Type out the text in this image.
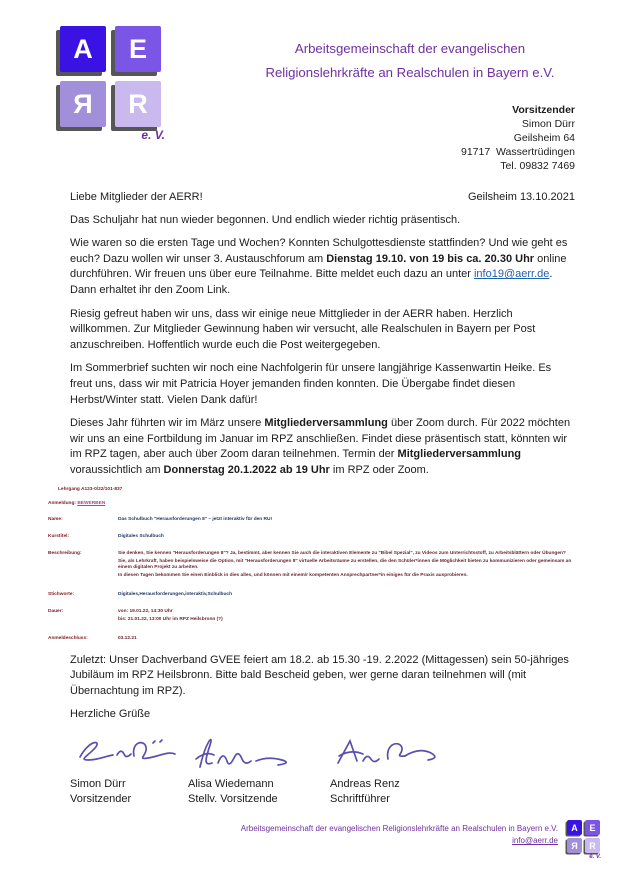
A	E
Я	R
e. V.
Arbeitsgemeinschaft der evangelischen
Religionslehrkräfte an Realschulen in Bayern e.V.
Vorsitzender
Simon Dürr
Geilsheim 64
91717  Wassertrüdingen
Tel. 09832 7469
Liebe Mitglieder der AERR!	Geilsheim 13.10.2021

Das Schuljahr hat nun wieder begonnen. Und endlich wieder richtig präsentisch.

Wie waren so die ersten Tage und Wochen? Konnten Schulgottesdienste stattfinden? Und wie geht es euch? Dazu wollen wir unser 3. Austauschforum am Dienstag 19.10. von 19 bis ca. 20.30 Uhr online durchführen. Wir freuen uns über eure Teilnahme. Bitte meldet euch dazu an unter info19@aerr.de. Dann erhaltet ihr den Zoom Link.

Riesig gefreut haben wir uns, dass wir einige neue Mittglieder in der AERR haben. Herzlich willkommen. Zur Mitglieder Gewinnung haben wir versucht, alle Realschulen in Bayern per Post anzuschreiben. Hoffentlich wurde euch die Post weitergegeben.

Im Sommerbrief suchten wir noch eine Nachfolgerin für unsere langjährige Kassenwartin Heike. Es freut uns, dass wir mit Patricia Hoyer jemanden finden konnten. Die Übergabe findet diesen Herbst/Winter statt. Vielen Dank dafür!

Dieses Jahr führten wir im März unsere Mitgliederversammlung über Zoom durch. Für 2022 möchten wir uns an eine Fortbildung im Januar im RPZ anschließen. Findet diese präsentisch statt, könnten wir im RPZ tagen, aber auch über Zoom daran teilnehmen. Termin der Mitgliederversammlung voraussichtlich am Donnerstag 20.1.2022 ab 19 Uhr im RPZ oder Zoom.

Lehrgang A123-0/22/101-837
Anmeldung: BEWERBEN
Name:	Das Schulbuch "Herausforderungen 8" – jetzt interaktiv für den RU!
Kurstitel:	Digitales Schulbuch
Beschreibung:	Sie denken, Sie kennen "Herausforderungen 8"? Ja, bestimmt, aber kennen Sie auch die interaktiven Elemente zu "Bibel Spezial", zu Videos zum Unterrichtsstoff, zu Arbeitsblättern oder Übungen?
Sie, als Lehrkraft, haben beispielsweise die Option, mit "Herausforderungen 8" virtuelle Arbeitsräume zu erstellen, die den Schüler*innen die Möglichkeit bieten zu kommunizieren oder gemeinsam an einem digitalen Projekt zu arbeiten.
In diesen Tagen bekommen Sie einen Einblick in dies alles, und können mit einem/r kompetenten Ansprechpartner*in einiges für die Praxis ausprobieren.
Stichworte:	Digitales,Herausforderungen,interaktiv,Schulbuch
Dauer:	von: 19.01.22, 14:30 Uhr
bis: 21.01.22, 13:00 Uhr im RPZ Heilsbronn (?)
Anmeldeschluss:	03.12.21

Zuletzt: Unser Dachverband GVEE feiert am 18.2. ab 15.30 -19. 2.2022 (Mittagessen) sein 50-jähriges Jubiläum im RPZ Heilsbronn. Bitte bald Bescheid geben, wer gerne daran teilnehmen will (mit Übernachtung im RPZ).

Herzliche Grüße

Simon Dürr
Vorsitzender
Alisa Wiedemann
Stellv. Vorsitzende
Andreas Renz
Schriftführer
Arbeitsgemeinschaft der evangelischen Religionslehrkräfte an Realschulen in Bayern e.V.
info@aerr.de
A	E
Я	R
e. V.
